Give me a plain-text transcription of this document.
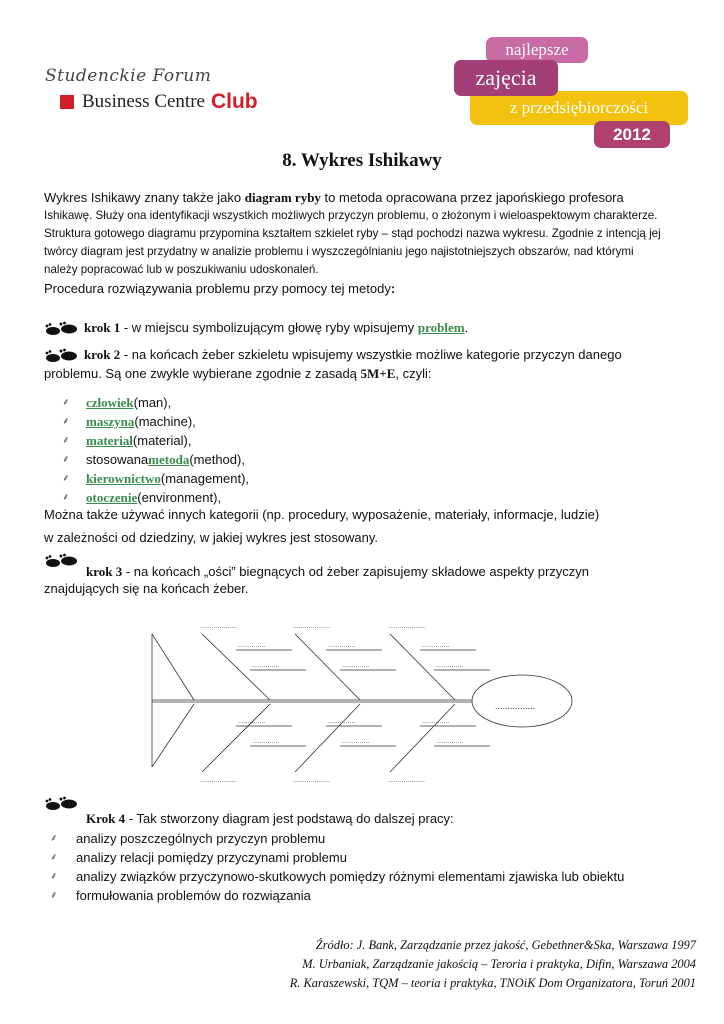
Studenckie Forum
Business Centre Club	z przedsiębiorczości
najlepsze
zajęcia
2012
8. Wykres Ishikawy
Wykres Ishikawy znany także jako diagram ryby to metoda opracowana przez japońskiego profesora
Ishikawę. Służy ona identyfikacji wszystkich możliwych przyczyn problemu, o złożonym i wieloaspektowym charakterze.
Struktura gotowego diagramu przypomina kształtem szkielet ryby – stąd pochodzi nazwa wykresu. Zgodnie z intencją jej
twórcy diagram jest przydatny w analizie problemu i wyszczególnianiu jego najistotniejszych obszarów, nad którymi
należy popracować lub w poszukiwaniu udoskonaleń.
Procedura rozwiązywania problemu przy pomocy tej metody:
krok 1 - w miejscu symbolizującym głowę ryby wpisujemy problem.
krok 2 - na końcach żeber szkieletu wpisujemy wszystkie możliwe kategorie przyczyn danego
problemu. Są one zwykle wybierane zgodnie z zasadą 5M+E, czyli:
⸙	człowiek (man),
⸙	maszyna (machine),
⸙	materiał (material),
⸙	stosowana metoda (method),
⸙	kierownictwo (management),
⸙	otoczenie (environment),
Można także używać innych kategorii (np. procedury, wyposażenie, materiały, informacje, ludzie)
w zależności od dziedziny, w jakiej wykres jest stosowany.
krok 3 - na końcach „ości” biegnących od żeber zapisujemy składowe aspekty przyczyn
znajdujących się na końcach żeber.
...................	...................	...................
...................	...................	...................
..............
..............
..............
..............
..............
..............
..............
..............
..............
..............
..............
..............
................
Krok 4 - Tak stworzony diagram jest podstawą do dalszej pracy:
⸙	analizy poszczególnych przyczyn problemu
⸙	analizy relacji pomiędzy przyczynami problemu
⸙	analizy związków przyczynowo-skutkowych pomiędzy różnymi elementami zjawiska lub obiektu
⸙	formułowania problemów do rozwiązania
Źródło: J. Bank, Zarządzanie przez jakość, Gebethner&Ska, Warszawa 1997
M. Urbaniak, Zarządzanie jakością – Teroria i praktyka, Difin, Warszawa 2004
R. Karaszewski, TQM – teoria i praktyka, TNOiK Dom Organizatora, Toruń 2001
